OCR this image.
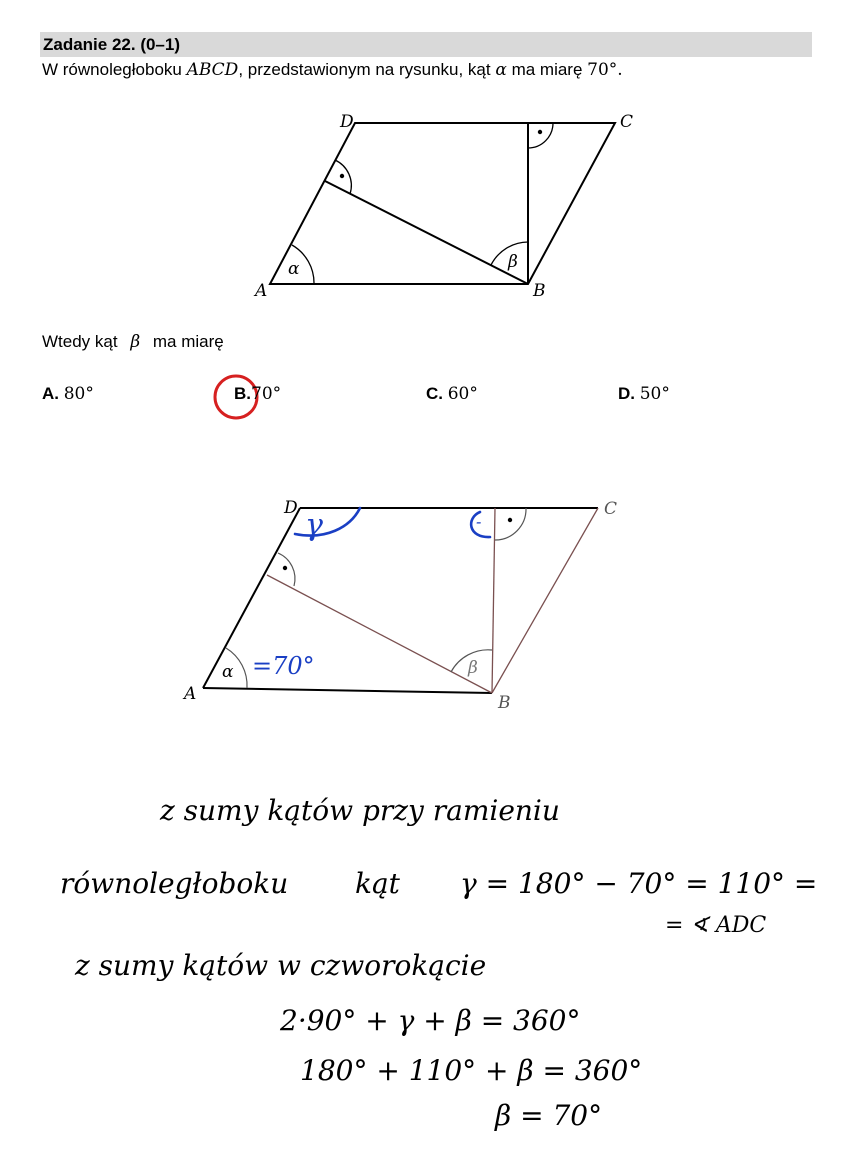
Zadanie 22. (0–1)
W równoległoboku ABCD, przedstawionym na rysunku, kąt α ma miarę 70°.
A	B
C
D
α	β
A	B
C
D
α	β
γ	-
=70°
z sumy kątów przy ramieniu
równoległoboku kąt γ = 180° − 70° = 110° =
= ∢ ADC
z sumy kątów w czworokącie
2·90° + γ + β = 360°
180° + 110° + β = 360°
β = 70°
Wtedy kąt β ma miarę
A. 80°	B.70°	C. 60°	D. 50°
